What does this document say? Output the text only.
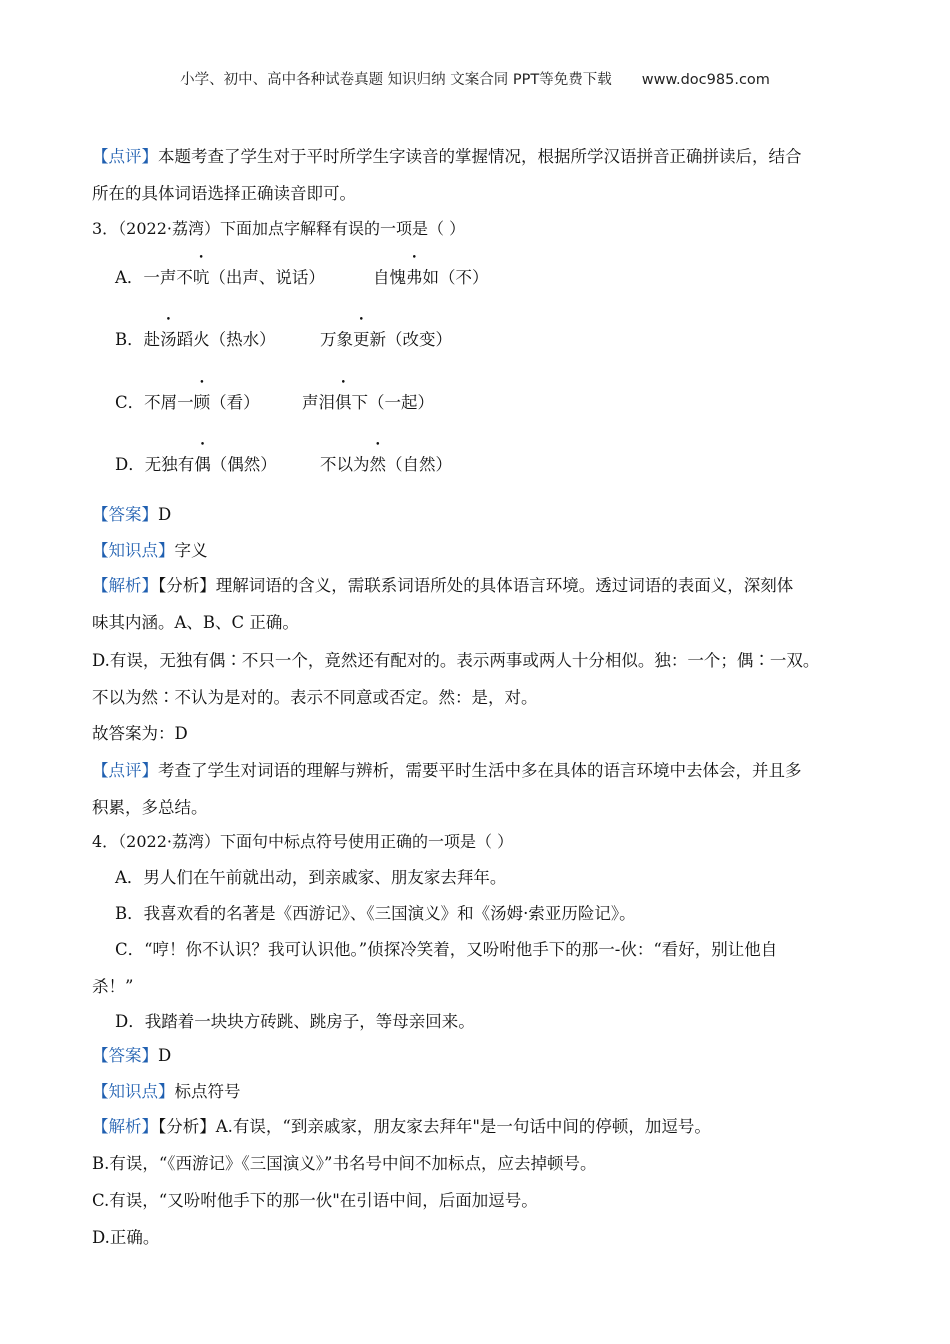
小学、初中、高中各种试卷真题 知识归纳 文案合同 PPT等免费下载 www.doc985.com
【点评】本题考查了学生对于平时所学生字读音的掌握情况，根据所学汉语拼音正确拼读后，结合
所在的具体词语选择正确读音即可。
3．（2022·荔湾）下面加点字解释有误的一项是（ ）
A．一声不吭（出声、说话）	自愧弗如（不）
B．赴汤蹈火（热水）	万象更新（改变）
C．不屑一顾（看）	声泪俱下（一起）
D．无独有偶（偶然）	不以为然（自然）
【答案】D
【知识点】字义
【解析】【分析】理解词语的含义，需联系词语所处的具体语言环境。透过词语的表面义，深刻体
味其内涵。A、B、C 正确。
D.有误，无独有偶∶不只一个，竟然还有配对的。表示两事或两人十分相似。独：一个；偶∶一双。
不以为然∶不认为是对的。表示不同意或否定。然：是，对。
故答案为：D
【点评】考查了学生对词语的理解与辨析，需要平时生活中多在具体的语言环境中去体会，并且多
积累，多总结。
4．（2022·荔湾）下面句中标点符号使用正确的一项是（ ）
A．男人们在午前就出动，到亲戚家、朋友家去拜年。
B．我喜欢看的名著是《西游记》、《三国演义》和《汤姆·索亚历险记》。
C．“哼！你不认识？我可认识他。”侦探冷笑着，又吩咐他手下的那一-伙：“看好，别让他自
杀！”
D．我踏着一块块方砖跳、跳房子，等母亲回来。
【答案】D
【知识点】标点符号
【解析】【分析】A.有误，“到亲戚家，朋友家去拜年"是一句话中间的停顿，加逗号。
B.有误，“《西游记》《三国演义》”书名号中间不加标点，应去掉顿号。
C.有误，“又吩咐他手下的那一伙"在引语中间，后面加逗号。
D.正确。
